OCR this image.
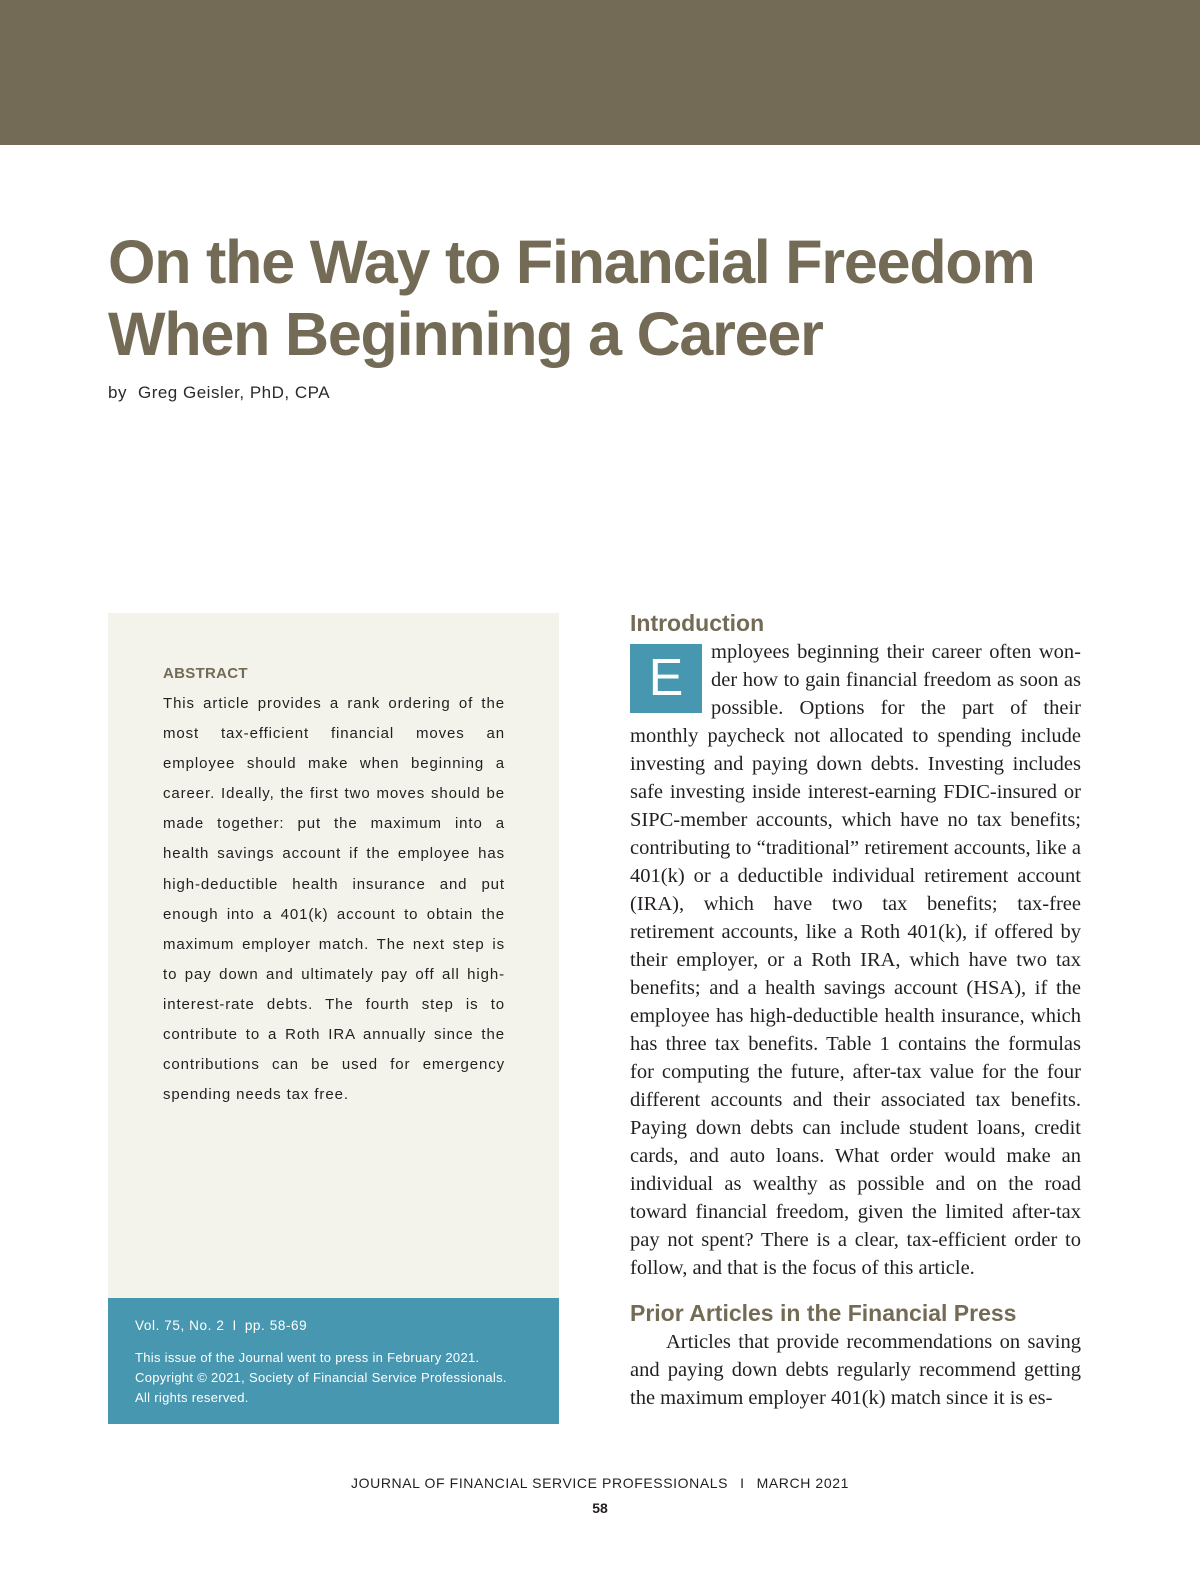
On the Way to Financial Freedom
When Beginning a Career
by Greg Geisler, PhD, CPA
ABSTRACT

This article provides a rank ordering of the most tax-efficient financial moves an employee should make when beginning a career. Ideally, the first two moves should be made together: put the maximum into a health savings account if the employee has high-deductible health insurance and put enough into a 401(k) account to obtain the maximum employer match. The next step is to pay down and ultimately pay off all high-interest-rate debts. The fourth step is to contribute to a Roth IRA annually since the contributions can be used for emergency spending needs tax free.

Vol. 75, No. 2 I pp. 58-69
This issue of the Journal went to press in February 2021.
Copyright © 2021, Society of Financial Service Professionals.
All rights reserved.
Introduction

E	mployees beginning their career often wonder how to gain financial freedom as soon as possible. Options for the part of their monthly paycheck not allocated to spending include investing and paying down debts. Investing includes safe investing inside interest-earning FDIC-insured or SIPC-member accounts, which have no tax benefits; contributing to “traditional” retirement accounts, like a 401(k) or a deductible individual retirement account (IRA), which have two tax benefits; tax-free retirement accounts, like a Roth 401(k), if offered by their employer, or a Roth IRA, which have two tax benefits; and a health savings account (HSA), if the employee has high-deductible health insurance, which has three tax benefits. Table 1 contains the formulas for computing the future, after-tax value for the four different accounts and their associated tax benefits. Paying down debts can include student loans, credit cards, and auto loans. What order would make an individual as wealthy as possible and on the road toward financial freedom, given the limited after-tax pay not spent? There is a clear, tax-efficient order to follow, and that is the focus of this article.

Prior Articles in the Financial Press

Articles that provide recommendations on saving and paying down debts regularly recommend getting the maximum employer 401(k) match since it is es-

JOURNAL OF FINANCIAL SERVICE PROFESSIONALS I MARCH 2021
58
